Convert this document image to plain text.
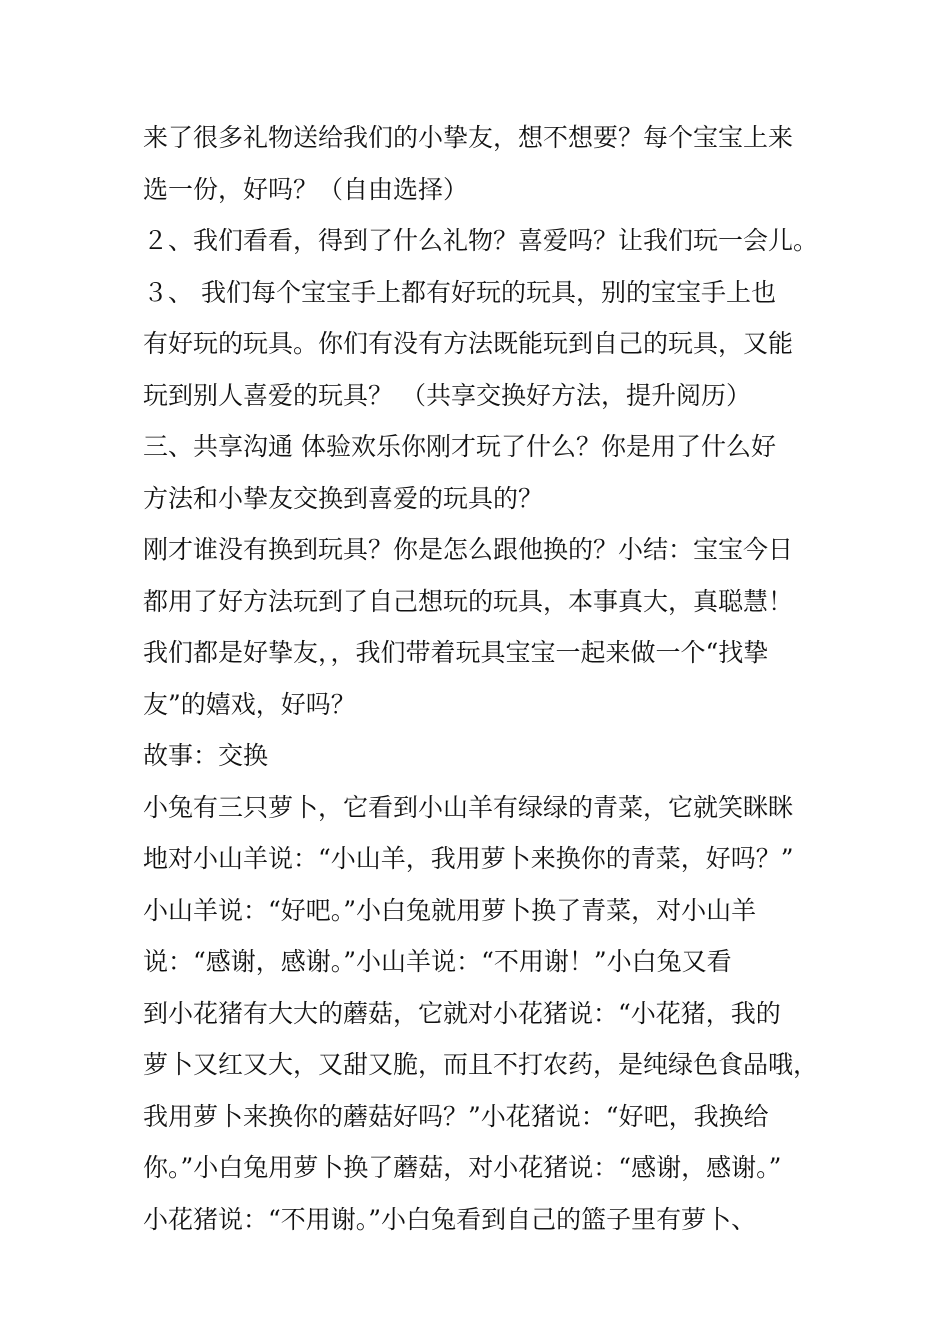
来了很多礼物送给我们的小挚友，想不想要？每个宝宝上来
选一份，好吗？（自由选择）
２、我们看看，得到了什么礼物？喜爱吗？让我们玩一会儿。
３、 我们每个宝宝手上都有好玩的玩具，别的宝宝手上也
有好玩的玩具。你们有没有方法既能玩到自己的玩具，又能
玩到别人喜爱的玩具？ （共享交换好方法，提升阅历）
三、共享沟通 体验欢乐你刚才玩了什么？你是用了什么好
方法和小挚友交换到喜爱的玩具的？
刚才谁没有换到玩具？你是怎么跟他换的？小结：宝宝今日
都用了好方法玩到了自己想玩的玩具，本事真大，真聪慧！
我们都是好挚友，，我们带着玩具宝宝一起来做一个“找挚
友”的嬉戏，好吗？
故事：交换
小兔有三只萝卜，它看到小山羊有绿绿的青菜，它就笑眯眯
地对小山羊说：“小山羊，我用萝卜来换你的青菜，好吗？”
小山羊说：“好吧。”小白兔就用萝卜换了青菜，对小山羊
说：“感谢，感谢。”小山羊说：“不用谢！”小白兔又看
到小花猪有大大的蘑菇，它就对小花猪说：“小花猪，我的
萝卜又红又大，又甜又脆，而且不打农药，是纯绿色食品哦，
我用萝卜来换你的蘑菇好吗？”小花猪说：“好吧，我换给
你。”小白兔用萝卜换了蘑菇，对小花猪说：“感谢，感谢。”
小花猪说：“不用谢。”小白兔看到自己的篮子里有萝卜、
